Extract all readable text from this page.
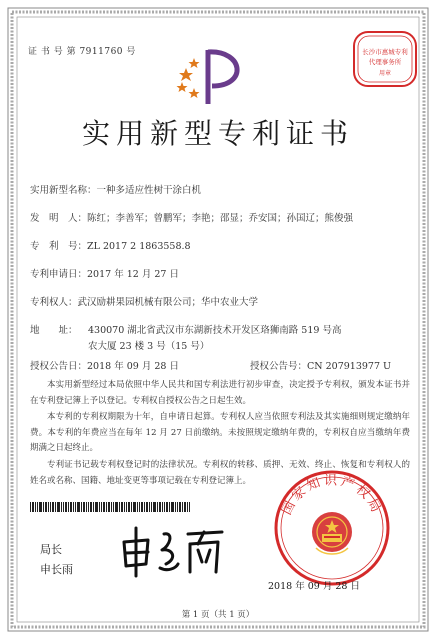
证 书 号 第 7911760 号	长沙市惠城专利
代理事务所
用章
实用新型专利证书
实用新型名称：一种多适应性树干涂白机
发　明　人：陈红；李善军；曾鹏军；李艳；邵显；乔安国；孙国辽；熊俊强
专　利　号：ZL 2017 2 1863558.8
专利申请日：2017 年 12 月 27 日
专利权人：武汉励耕果园机械有限公司；华中农业大学
地　　址： 430070 湖北省武汉市东湖新技术开发区珞狮南路 519 号高
农大厦 23 楼 3 号（15 号）
授权公告日：2018 年 09 月 28 日	授权公告号：CN 207913977 U

本实用新型经过本局依照中华人民共和国专利法进行初步审查，决定授予专利权，颁发本证书并在专利登记簿上予以登记。专利权自授权公告之日起生效。

本专利的专利权期限为十年，自申请日起算。专利权人应当依照专利法及其实施细则规定缴纳年费。本专利的年费应当在每年 12 月 27 日前缴纳。未按照规定缴纳年费的，专利权自应当缴纳年费期满之日起终止。

专利证书记载专利权登记时的法律状况。专利权的转移、质押、无效、终止、恢复和专利权人的姓名或名称、国籍、地址变更等事项记载在专利登记簿上。

局长
申长雨
国家知识产权局
2018 年 09 月 28 日
第 1 页（共 1 页）
